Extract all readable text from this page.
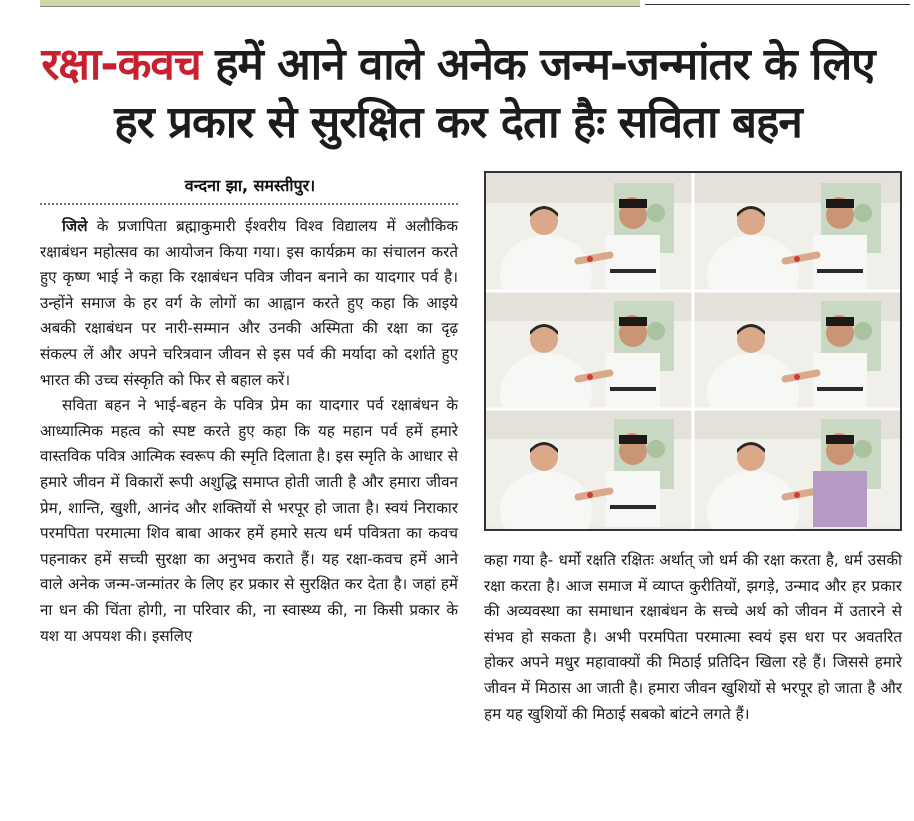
रक्षा-कवच हमें आने वाले अनेक जन्म-जन्मांतर के लिए हर प्रकार से सुरक्षित कर देता हैः सविता बहन
वन्दना झा, समस्तीपुर।

जिले के प्रजापिता ब्रह्माकुमारी ईश्वरीय विश्व विद्यालय में अलौकिक रक्षाबंधन महोत्सव का आयोजन किया गया। इस कार्यक्रम का संचालन करते हुए कृष्ण भाई ने कहा कि रक्षाबंधन पवित्र जीवन बनाने का यादगार पर्व है। उन्होंने समाज के हर वर्ग के लोगों का आह्वान करते हुए कहा कि आइये अबकी रक्षाबंधन पर नारी-सम्मान और उनकी अस्मिता की रक्षा का दृढ़ संकल्प लें और अपने चरित्रवान जीवन से इस पर्व की मर्यादा को दर्शाते हुए भारत की उच्च संस्कृति को फिर से बहाल करें।

सविता बहन ने भाई-बहन के पवित्र प्रेम का यादगार पर्व रक्षाबंधन के आध्यात्मिक महत्व को स्पष्ट करते हुए कहा कि यह महान पर्व हमें हमारे वास्तविक पवित्र आत्मिक स्वरूप की स्मृति दिलाता है। इस स्मृति के आधार से हमारे जीवन में विकारों रूपी अशुद्धि समाप्त होती जाती है और हमारा जीवन प्रेम, शान्ति, खुशी, आनंद और शक्तियों से भरपूर हो जाता है। स्वयं निराकार परमपिता परमात्मा शिव बाबा आकर हमें हमारे सत्य धर्म पवित्रता का कवच पहनाकर हमें सच्ची सुरक्षा का अनुभव कराते हैं। यह रक्षा-कवच हमें आने वाले अनेक जन्म-जन्मांतर के लिए हर प्रकार से सुरक्षित कर देता है। जहां हमें ना धन की चिंता होगी, ना परिवार की, ना स्वास्थ्य की, ना किसी प्रकार के यश या अपयश की। इसलिए

कहा गया है- धर्मो रक्षति रक्षितः अर्थात् जो धर्म की रक्षा करता है, धर्म उसकी रक्षा करता है। आज समाज में व्याप्त कुरीतियों, झगड़े, उन्माद और हर प्रकार की अव्यवस्था का समाधान रक्षाबंधन के सच्चे अर्थ को जीवन में उतारने से संभव हो सकता है। अभी परमपिता परमात्मा स्वयं इस धरा पर अवतरित होकर अपने मधुर महावाक्यों की मिठाई प्रतिदिन खिला रहे हैं। जिससे हमारे जीवन में मिठास आ जाती है। हमारा जीवन खुशियों से भरपूर हो जाता है और हम यह खुशियों की मिठाई सबको बांटने लगते हैं।
